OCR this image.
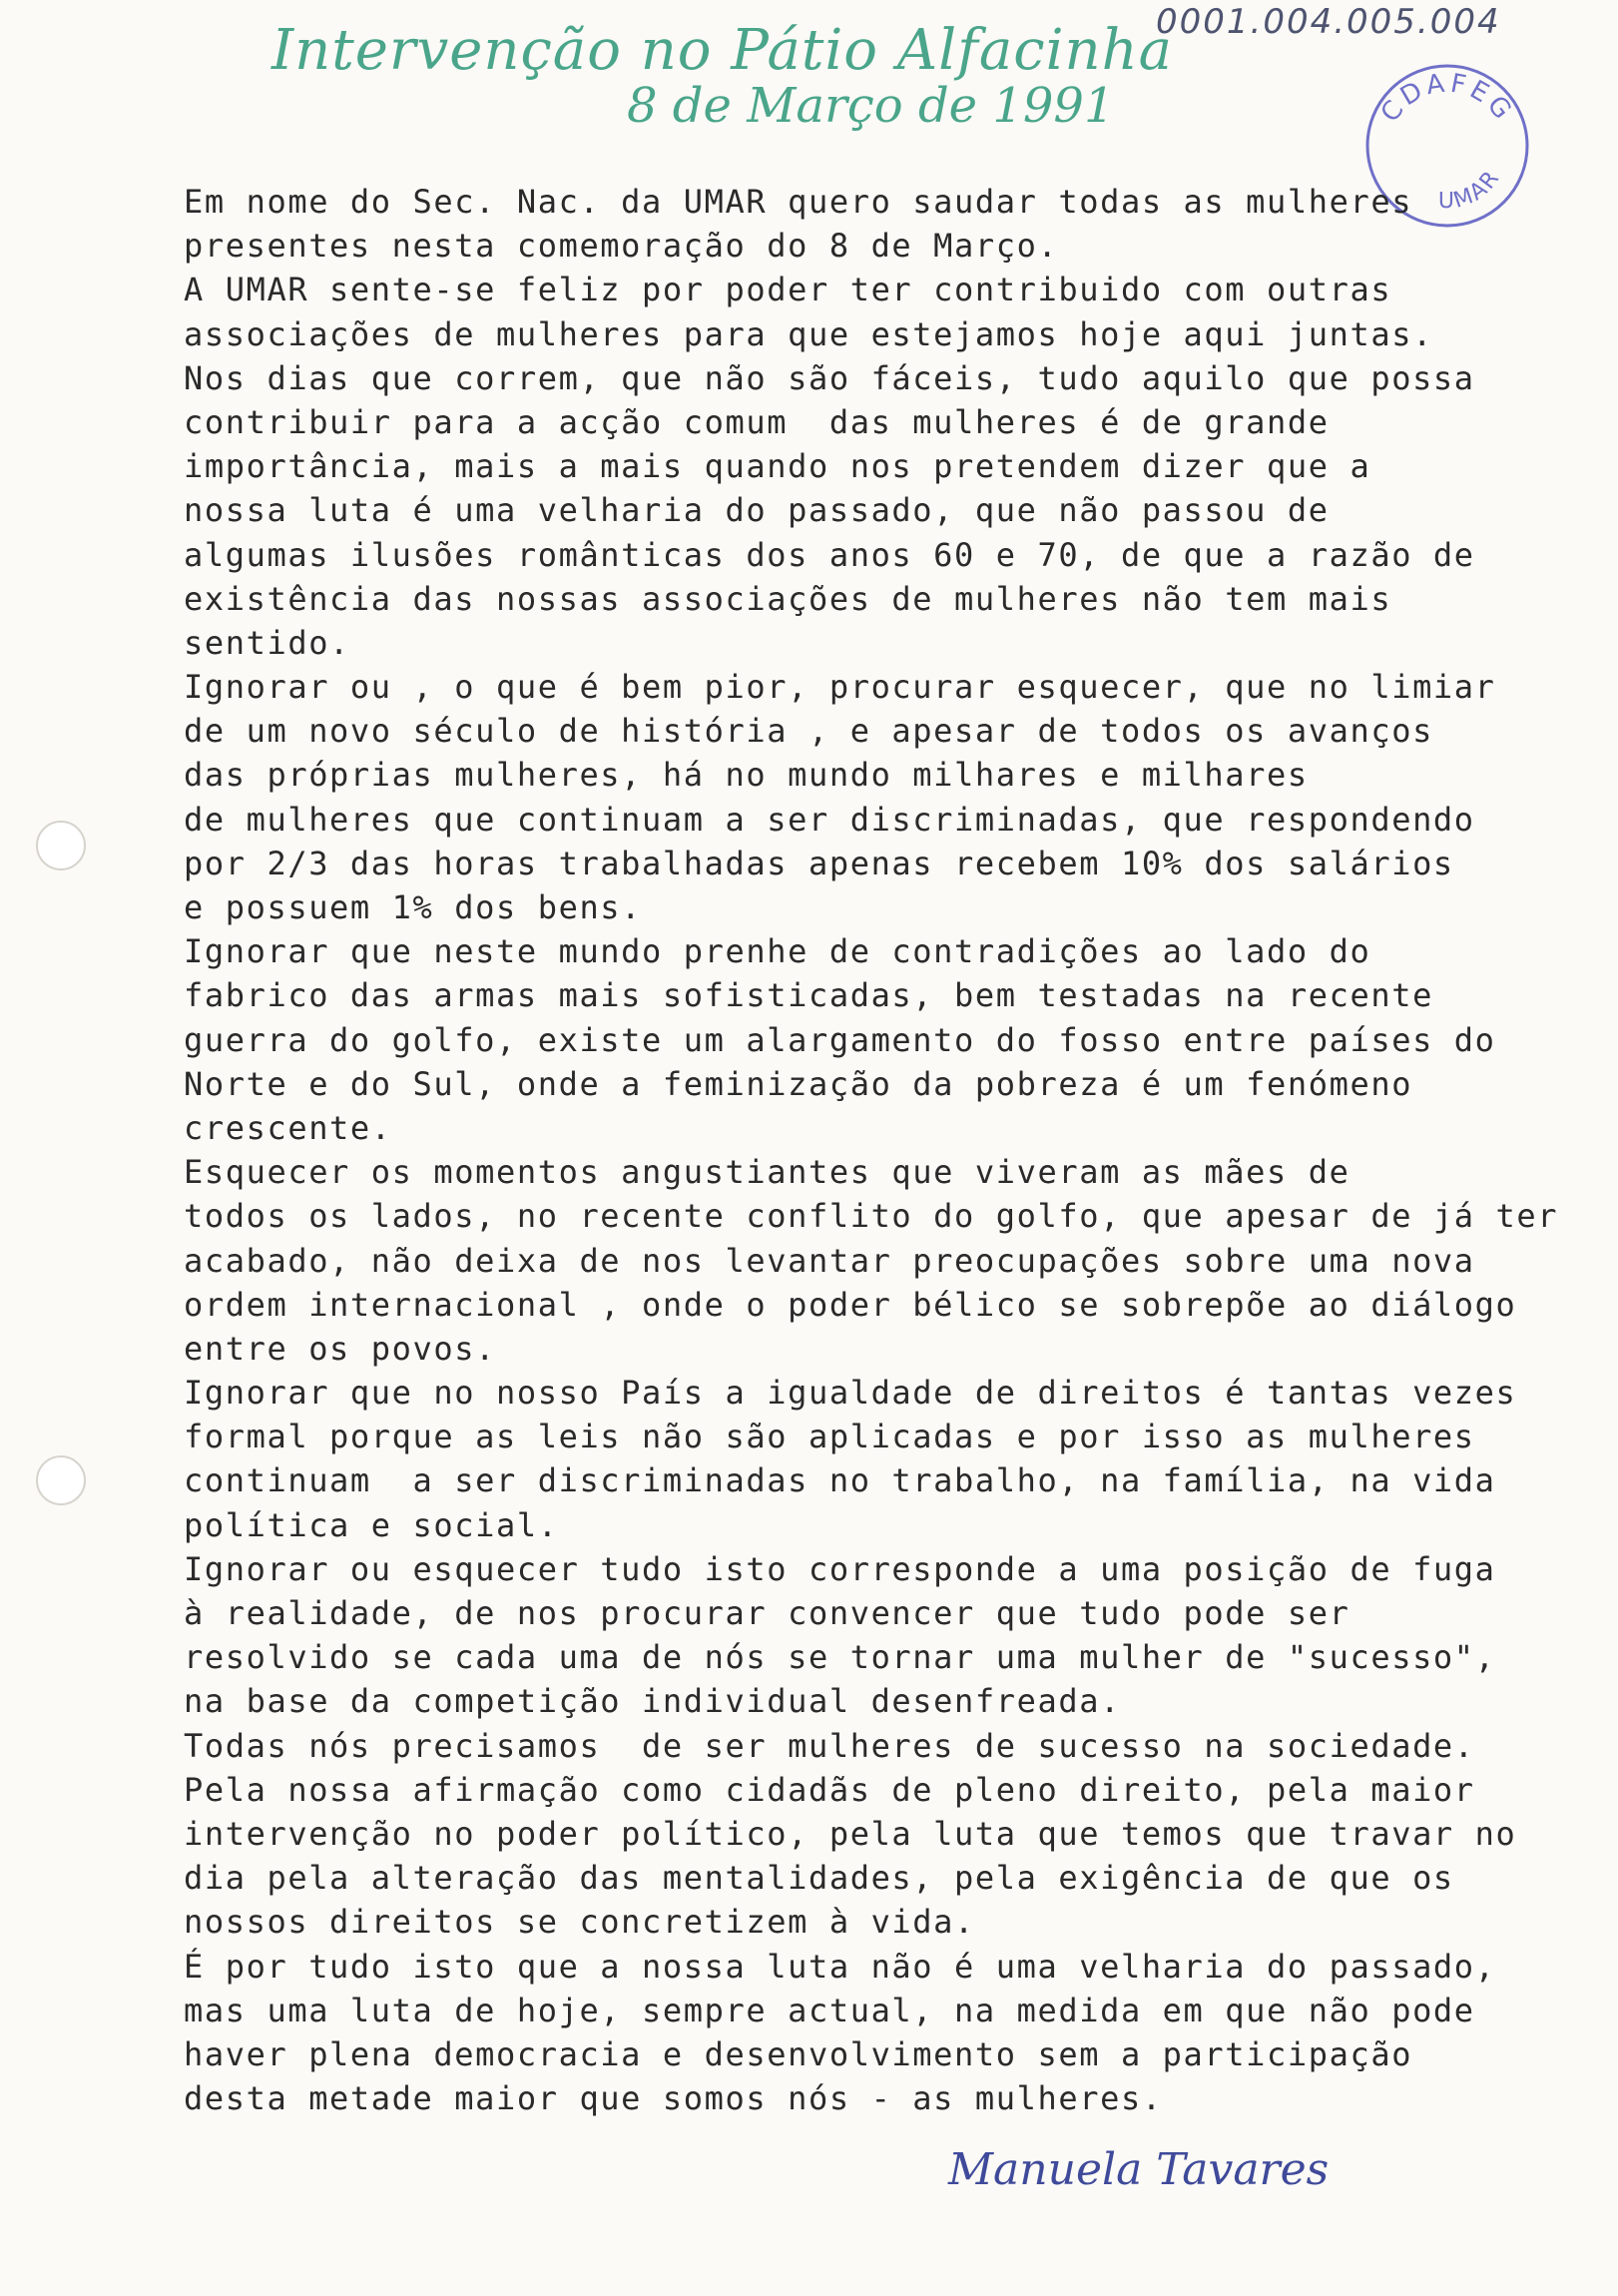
Intervenção no Pátio Alfacinha
8 de Março de 1991
0001.004.005.004
CDAFEG
UMAR
Em nome do Sec. Nac. da UMAR quero saudar todas as mulheres
presentes nesta comemoração do 8 de Março.
A UMAR sente-se feliz por poder ter contribuido com outras
associações de mulheres para que estejamos hoje aqui juntas.
Nos dias que correm, que não são fáceis, tudo aquilo que possa
contribuir para a acção comum  das mulheres é de grande
importância, mais a mais quando nos pretendem dizer que a
nossa luta é uma velharia do passado, que não passou de
algumas ilusões românticas dos anos 60 e 70, de que a razão de
existência das nossas associações de mulheres não tem mais
sentido.
Ignorar ou , o que é bem pior, procurar esquecer, que no limiar
de um novo século de história , e apesar de todos os avanços
das próprias mulheres, há no mundo milhares e milhares
de mulheres que continuam a ser discriminadas, que respondendo
por 2/3 das horas trabalhadas apenas recebem 10% dos salários
e possuem 1% dos bens.
Ignorar que neste mundo prenhe de contradições ao lado do
fabrico das armas mais sofisticadas, bem testadas na recente
guerra do golfo, existe um alargamento do fosso entre países do
Norte e do Sul, onde a feminização da pobreza é um fenómeno
crescente.
Esquecer os momentos angustiantes que viveram as mães de
todos os lados, no recente conflito do golfo, que apesar de já ter
acabado, não deixa de nos levantar preocupações sobre uma nova
ordem internacional , onde o poder bélico se sobrepõe ao diálogo
entre os povos.
Ignorar que no nosso País a igualdade de direitos é tantas vezes
formal porque as leis não são aplicadas e por isso as mulheres
continuam  a ser discriminadas no trabalho, na família, na vida
política e social.
Ignorar ou esquecer tudo isto corresponde a uma posição de fuga
à realidade, de nos procurar convencer que tudo pode ser
resolvido se cada uma de nós se tornar uma mulher de "sucesso",
na base da competição individual desenfreada.
Todas nós precisamos  de ser mulheres de sucesso na sociedade.
Pela nossa afirmação como cidadãs de pleno direito, pela maior
intervenção no poder político, pela luta que temos que travar no
dia pela alteração das mentalidades, pela exigência de que os
nossos direitos se concretizem à vida.
É por tudo isto que a nossa luta não é uma velharia do passado,
mas uma luta de hoje, sempre actual, na medida em que não pode
haver plena democracia e desenvolvimento sem a participação
desta metade maior que somos nós - as mulheres.
Manuela Tavares
